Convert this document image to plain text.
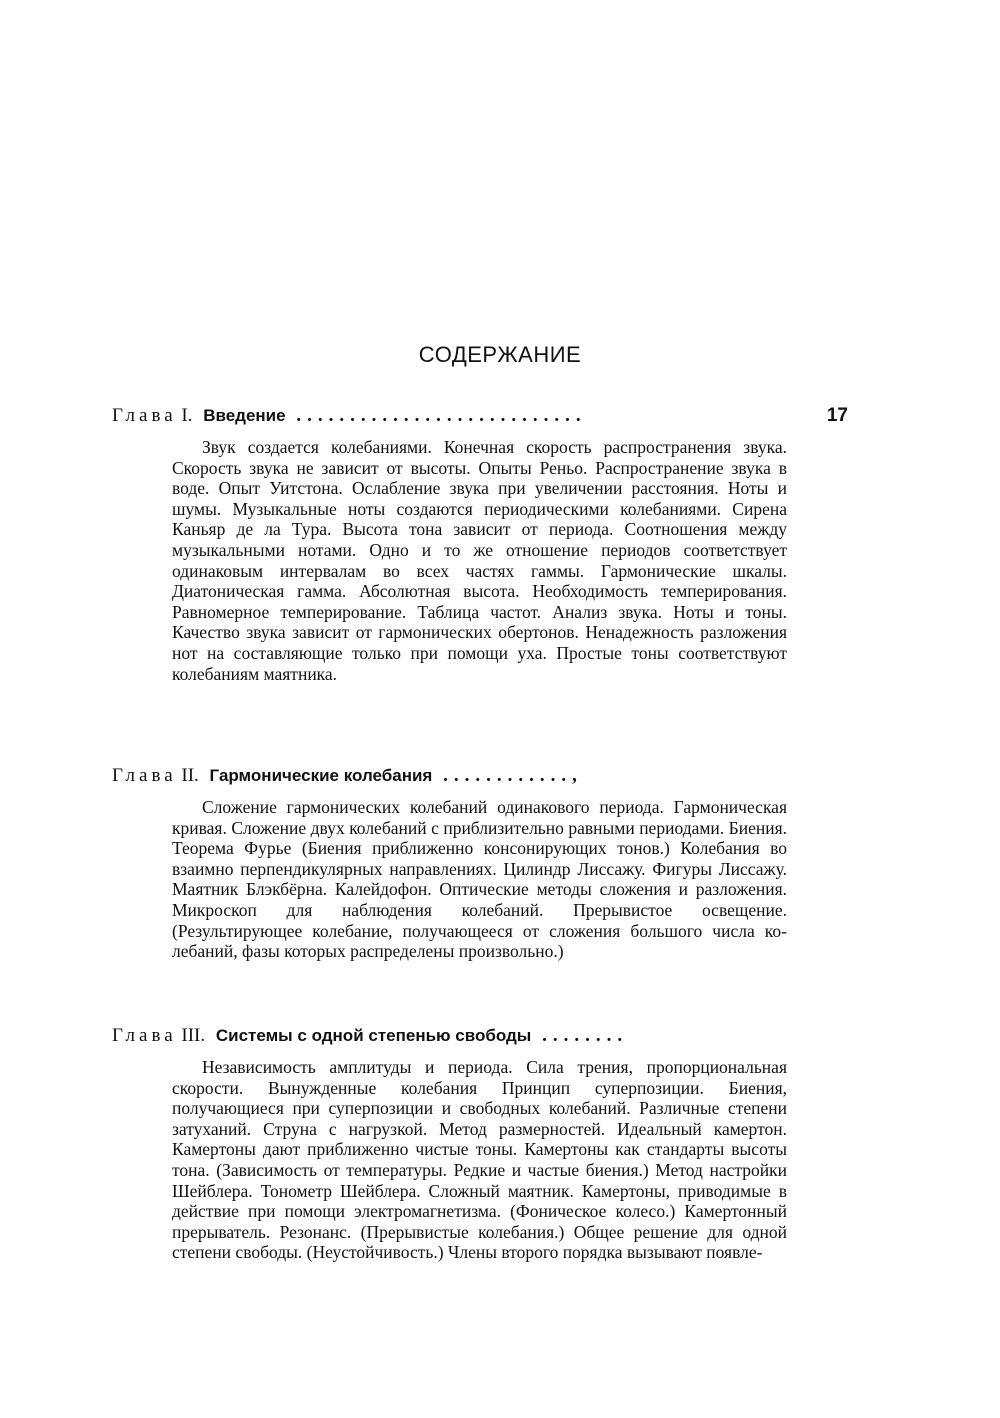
СОДЕРЖАНИЕ
Глава I. Введение ...........................	17

Звук создается колебаниями. Конечная скорость распространения звука. Скорость звука не зависит от высоты. Опыты Реньо. Распространение звука в воде. Опыт Уитстона. Ослабление звука при увеличении расстояния. Ноты и шумы. Музыкальные ноты создаются периодическими колебаниями. Сирена Каньяр де ла Тура. Высота тона зависит от периода. Соотношения между музыкальными нотами. Одно и то же отношение периодов соответствует одинаковым интервалам во всех частях гаммы. Гармонические шкалы. Диатоническая гамма. Абсолютная высота. Необходимость темперирования. Равномерное темперирование. Таблица частот. Анализ звука. Ноты и тоны. Качество звука зависит от гармонических обертонов. Ненадежность разложения нот на составляющие только при помощи уха. Простые тоны соответствуют колебаниям маятника.

Глава II. Гармонические колебания ............,

Сложение гармонических колебаний одинакового периода. Гармоническая кривая. Сложение двух колебаний с приблизительно равными периодами. Биения. Теорема Фурье (Биения приближенно консонирующих тонов.) Колебания во взаимно перпендикулярных направлениях. Цилиндр Лиссажу. Фигуры Лиссажу. Маятник Блэкбёрна. Калейдофон. Оптические методы сложения и разложения. Микроскоп для наблюдения колебаний. Прерывистое освещение. (Результирующее колебание, получающееся от сложения большого числа колебаний, фазы которых распределены произвольно.)

Глава III. Системы с одной степенью свободы ........

Независимость амплитуды и периода. Сила трения, пропорциональная скорости. Вынужденные колебания Принцип суперпозиции. Биения, получающиеся при суперпозиции и свободных колебаний. Различные степени затуханий. Струна с нагрузкой. Метод размерностей. Идеальный камертон. Камертоны дают приближенно чистые тоны. Камертоны как стандарты высоты тона. (Зависимость от температуры. Редкие и частые биения.) Метод настройки Шейблера. Тонометр Шейблера. Сложный маятник. Камертоны, приводимые в действие при помощи электромагнетизма. (Фоническое колесо.) Камертонный прерыватель. Резонанс. (Прерывистые колебания.) Общее решение для одной степени свободы. (Неустойчивость.) Члены второго порядка вызывают появле-
